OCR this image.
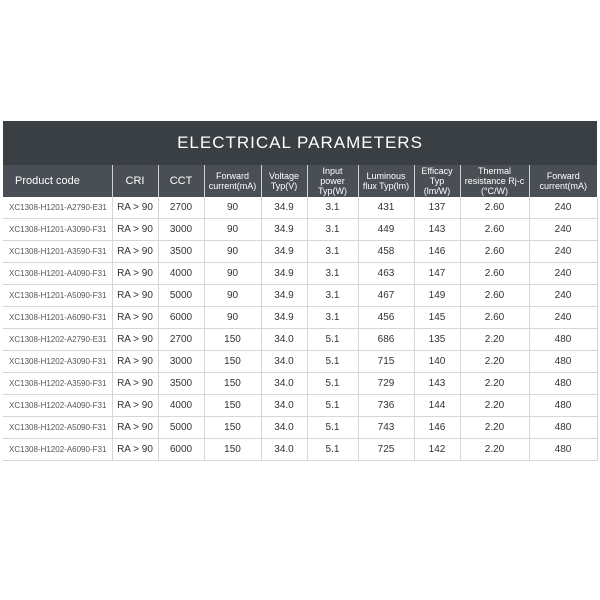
ELECTRICAL PARAMETERS
Product code	CRI	CCT	Forward current(mA)	Voltage Typ(V)	Input power Typ(W)	Luminous flux Typ(lm)	Efficacy Typ (lm/W)	Thermal resistance Rj-c (°C/W)	Forward current(mA)
XC1308-H1201-A2790-E31	RA > 90	2700	90	34.9	3.1	431	137	2.60	240
XC1308-H1201-A3090-F31	RA > 90	3000	90	34.9	3.1	449	143	2.60	240
XC1308-H1201-A3590-F31	RA > 90	3500	90	34.9	3.1	458	146	2.60	240
XC1308-H1201-A4090-F31	RA > 90	4000	90	34.9	3.1	463	147	2.60	240
XC1308-H1201-A5090-F31	RA > 90	5000	90	34.9	3.1	467	149	2.60	240
XC1308-H1201-A6090-F31	RA > 90	6000	90	34.9	3.1	456	145	2.60	240
XC1308-H1202-A2790-E31	RA > 90	2700	150	34.0	5.1	686	135	2.20	480
XC1308-H1202-A3090-F31	RA > 90	3000	150	34.0	5.1	715	140	2.20	480
XC1308-H1202-A3590-F31	RA > 90	3500	150	34.0	5.1	729	143	2.20	480
XC1308-H1202-A4090-F31	RA > 90	4000	150	34.0	5.1	736	144	2.20	480
XC1308-H1202-A5090-F31	RA > 90	5000	150	34.0	5.1	743	146	2.20	480
XC1308-H1202-A6090-F31	RA > 90	6000	150	34.0	5.1	725	142	2.20	480
